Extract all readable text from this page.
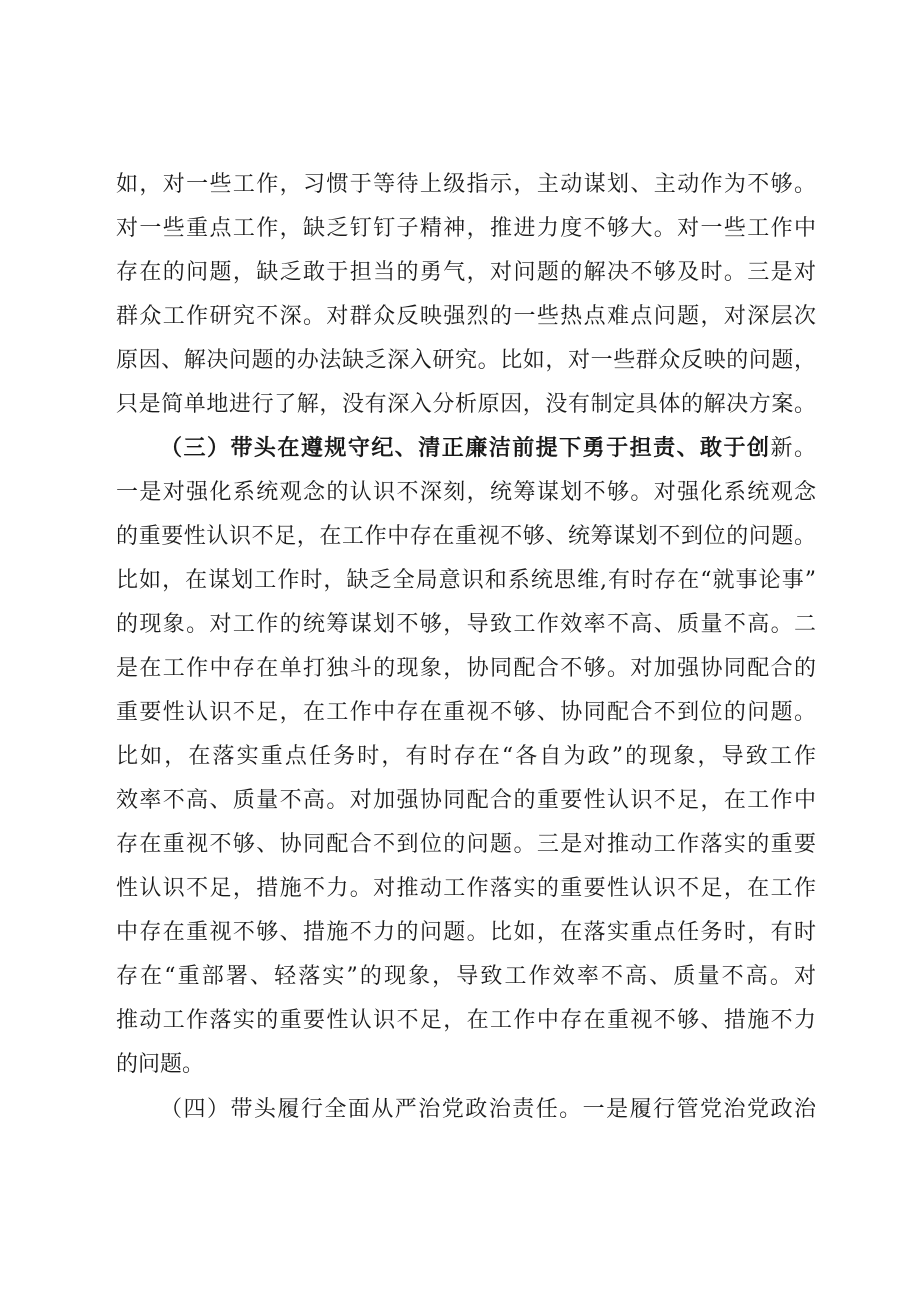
如，对一些工作，习惯于等待上级指示，主动谋划、主动作为不够。
对一些重点工作，缺乏钉钉子精神，推进力度不够大。对一些工作中
存在的问题，缺乏敢于担当的勇气，对问题的解决不够及时。三是对
群众工作研究不深。对群众反映强烈的一些热点难点问题，对深层次
原因、解决问题的办法缺乏深入研究。比如，对一些群众反映的问题，
只是简单地进行了解，没有深入分析原因，没有制定具体的解决方案。
（三）带头在遵规守纪、清正廉洁前提下勇于担责、敢于创新。
一是对强化系统观念的认识不深刻，统筹谋划不够。对强化系统观念
的重要性认识不足，在工作中存在重视不够、统筹谋划不到位的问题。
比如，在谋划工作时，缺乏全局意识和系统思维,有时存在“就事论事”
的现象。对工作的统筹谋划不够，导致工作效率不高、质量不高。二
是在工作中存在单打独斗的现象，协同配合不够。对加强协同配合的
重要性认识不足，在工作中存在重视不够、协同配合不到位的问题。
比如，在落实重点任务时，有时存在“各自为政”的现象，导致工作
效率不高、质量不高。对加强协同配合的重要性认识不足，在工作中
存在重视不够、协同配合不到位的问题。三是对推动工作落实的重要
性认识不足，措施不力。对推动工作落实的重要性认识不足，在工作
中存在重视不够、措施不力的问题。比如，在落实重点任务时，有时
存在“重部署、轻落实”的现象，导致工作效率不高、质量不高。对
推动工作落实的重要性认识不足，在工作中存在重视不够、措施不力
的问题。
（四）带头履行全面从严治党政治责任。一是履行管党治党政治
